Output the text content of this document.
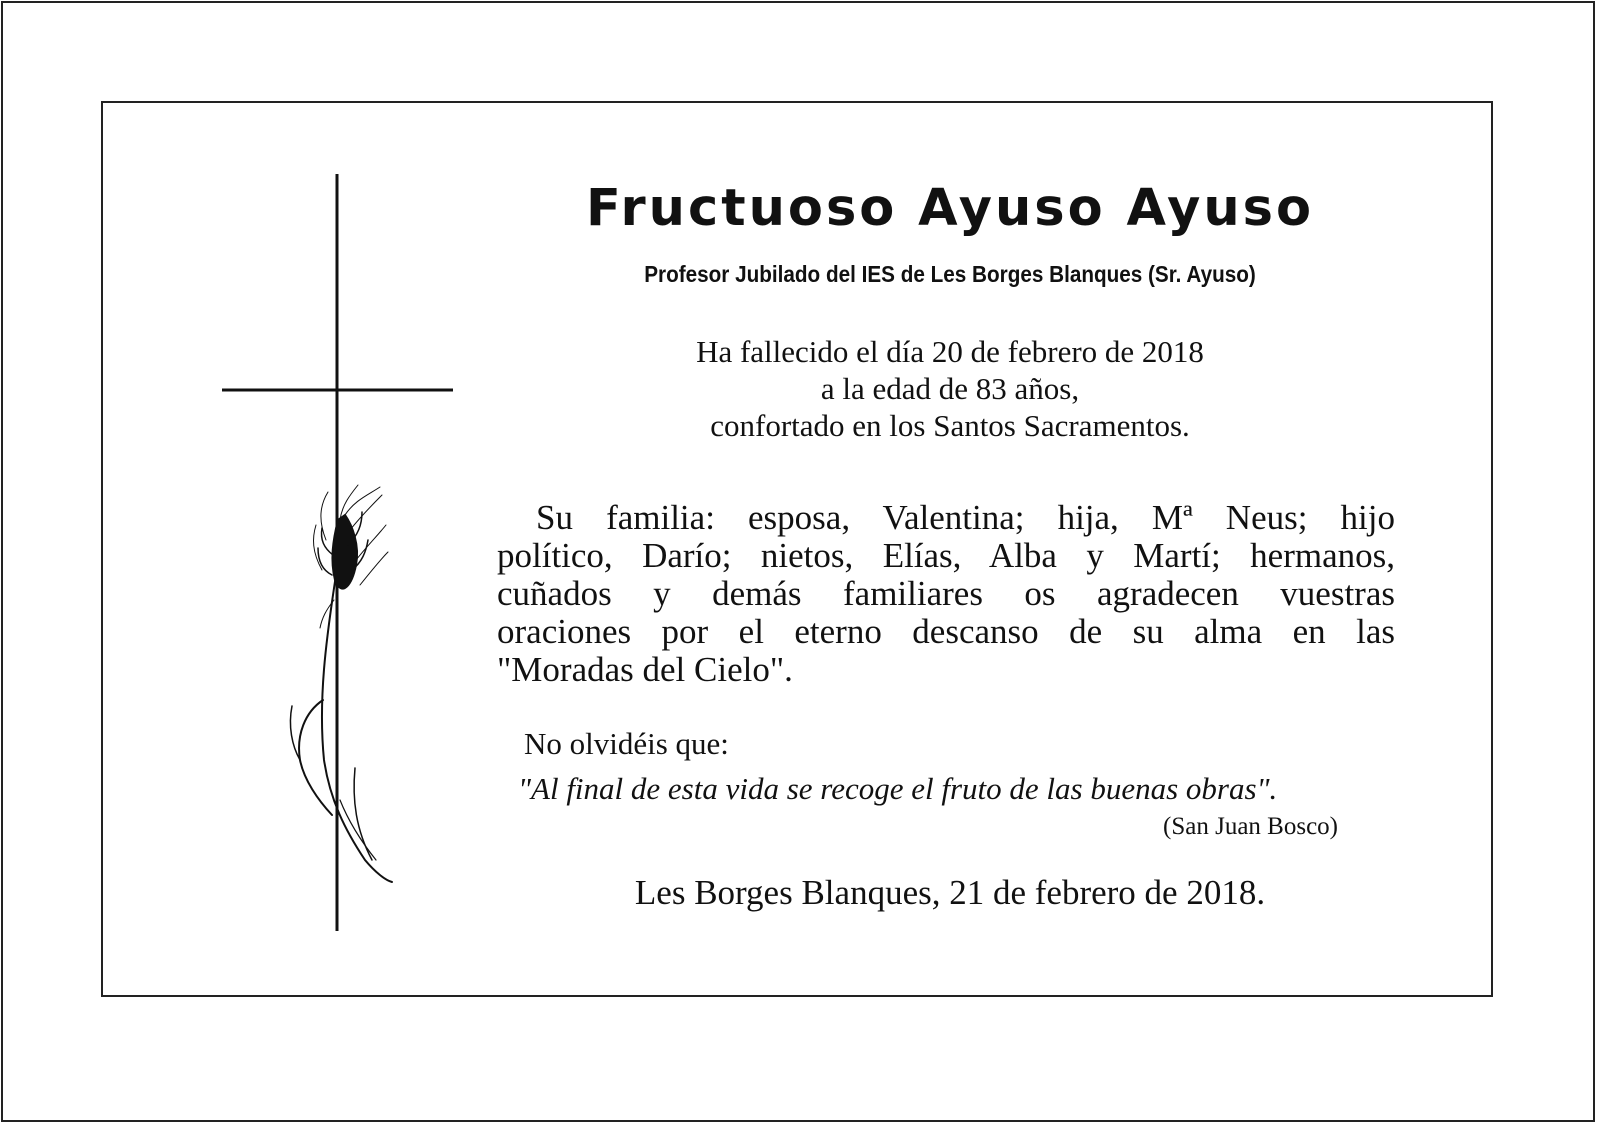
Fructuoso Ayuso Ayuso
Profesor Jubilado del IES de Les Borges Blanques (Sr. Ayuso)
Ha fallecido el día 20 de febrero de 2018
a la edad de 83 años,
confortado en los Santos Sacramentos.
Su familia: esposa, Valentina; hija, Mª Neus; hijo
político, Darío; nietos, Elías, Alba y Martí; hermanos,
cuñados y demás familiares os agradecen vuestras
oraciones por el eterno descanso de su alma en las
"Moradas del Cielo".
No olvidéis que:
"Al final de esta vida se recoge el fruto de las buenas obras".
(San Juan Bosco)
Les Borges Blanques, 21 de febrero de 2018.
